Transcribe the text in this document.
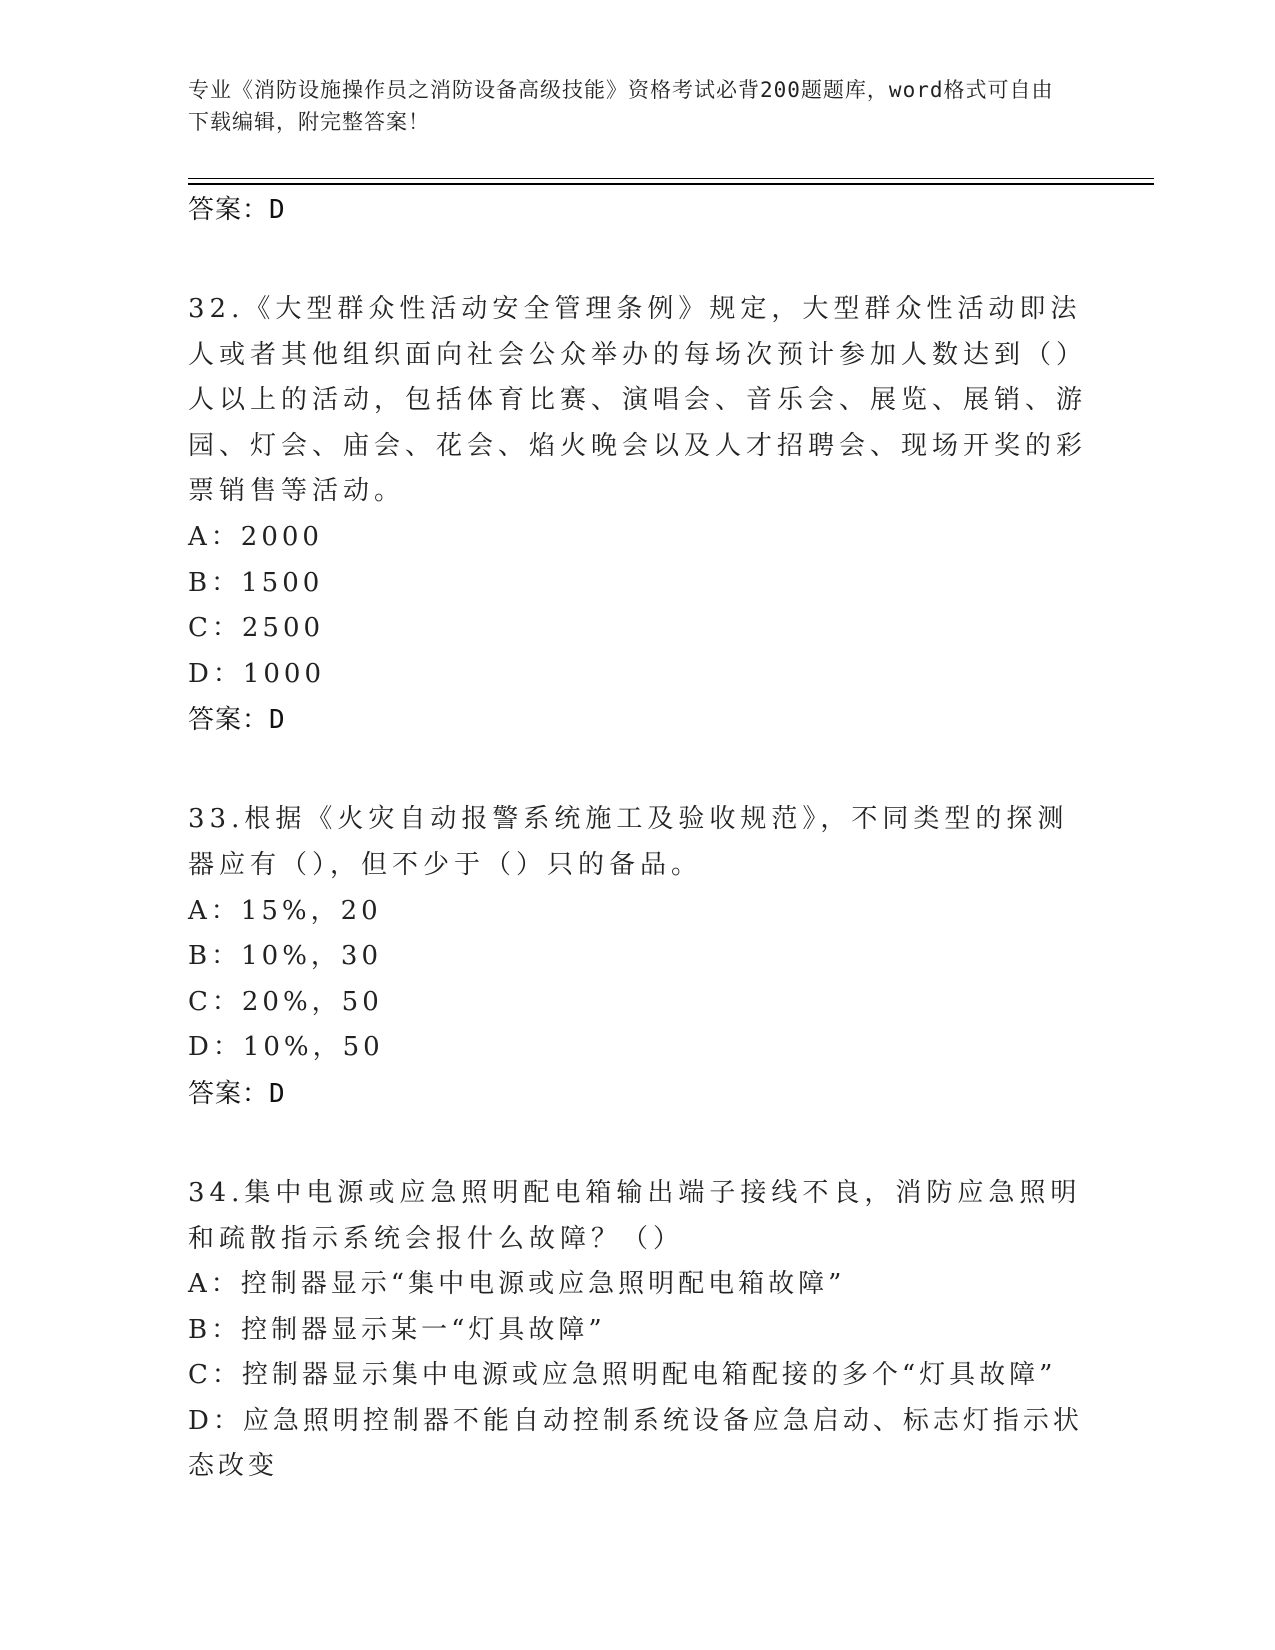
专业《消防设施操作员之消防设备高级技能》资格考试必背200题题库，word格式可自由下载编辑，附完整答案！
答案：D
32.《大型群众性活动安全管理条例》规定，大型群众性活动即法人或者其他组织面向社会公众举办的每场次预计参加人数达到（）人以上的活动，包括体育比赛、演唱会、音乐会、展览、展销、游园、灯会、庙会、花会、焰火晚会以及人才招聘会、现场开奖的彩票销售等活动。
A：2000
B：1500
C：2500
D：1000
答案：D
33.根据《火灾自动报警系统施工及验收规范》，不同类型的探测器应有（），但不少于（）只的备品。
A：15%，20
B：10%，30
C：20%，50
D：10%，50
答案：D
34.集中电源或应急照明配电箱输出端子接线不良，消防应急照明和疏散指示系统会报什么故障？（）
A：控制器显示“集中电源或应急照明配电箱故障”
B：控制器显示某一“灯具故障”
C：控制器显示集中电源或应急照明配电箱配接的多个“灯具故障”
D：应急照明控制器不能自动控制系统设备应急启动、标志灯指示状态改变
